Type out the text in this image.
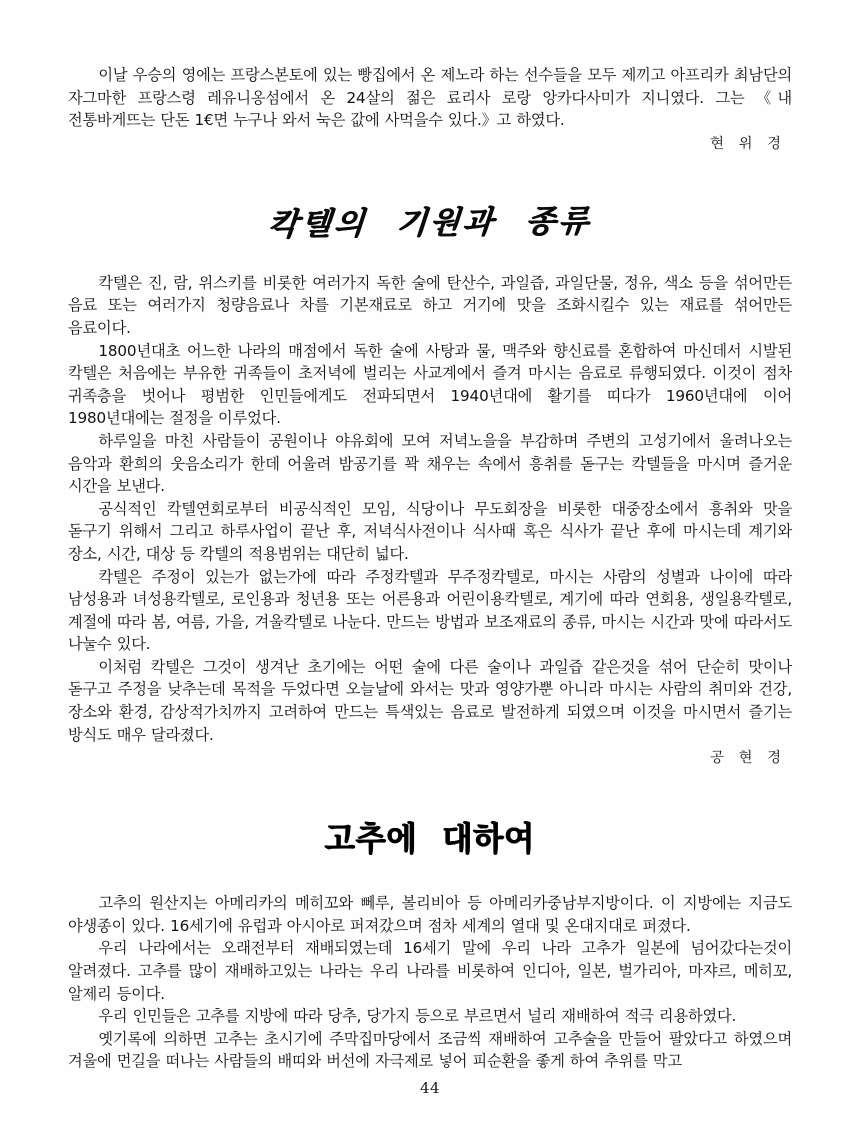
이날 우승의 영에는 프랑스본토에 있는 빵집에서 온 제노라 하는 선수들을 모두 제끼고 아프리카 최남단의 자그마한 프랑스령 레유니옹섬에서 온 24살의 젊은 료리사 로랑 앙카다사미가 지니였다. 그는 《내 전통바게뜨는 단돈 1€면 누구나 와서 눅은 값에 사먹을수 있다.》고 하였다.

현 위 경
칵텔의 기원과 종류

칵텔은 진, 람, 위스키를 비롯한 여러가지 독한 술에 탄산수, 과일즙, 과일단물, 정유, 색소 등을 섞어만든 음료 또는 여러가지 청량음료나 차를 기본재료로 하고 거기에 맛을 조화시킬수 있는 재료를 섞어만든 음료이다.

1800년대초 어느한 나라의 매점에서 독한 술에 사탕과 물, 맥주와 향신료를 혼합하여 마신데서 시발된 칵텔은 처음에는 부유한 귀족들이 초저녁에 벌리는 사교계에서 즐겨 마시는 음료로 류행되였다. 이것이 점차 귀족층을 벗어나 평범한 인민들에게도 전파되면서 1940년대에 활기를 띠다가 1960년대에 이어 1980년대에는 절정을 이루었다.

하루일을 마친 사람들이 공원이나 야유회에 모여 저녁노을을 부감하며 주변의 고성기에서 울려나오는 음악과 환희의 웃음소리가 한데 어울려 밤공기를 꽉 채우는 속에서 흥취를 돋구는 칵텔들을 마시며 즐거운 시간을 보낸다.

공식적인 칵텔연회로부터 비공식적인 모임, 식당이나 무도회장을 비롯한 대중장소에서 흥취와 맛을 돋구기 위해서 그리고 하루사업이 끝난 후, 저녁식사전이나 식사때 혹은 식사가 끝난 후에 마시는데 계기와 장소, 시간, 대상 등 칵텔의 적용범위는 대단히 넓다.

칵텔은 주정이 있는가 없는가에 따라 주정칵텔과 무주정칵텔로, 마시는 사람의 성별과 나이에 따라 남성용과 녀성용칵텔로, 로인용과 청년용 또는 어른용과 어린이용칵텔로, 계기에 따라 연회용, 생일용칵텔로, 계절에 따라 봄, 여름, 가을, 겨울칵텔로 나눈다. 만드는 방법과 보조재료의 종류, 마시는 시간과 맛에 따라서도 나눌수 있다.

이처럼 칵텔은 그것이 생겨난 초기에는 어떤 술에 다른 술이나 과일즙 같은것을 섞어 단순히 맛이나 돋구고 주정을 낮추는데 목적을 두었다면 오늘날에 와서는 맛과 영양가뿐 아니라 마시는 사람의 취미와 건강, 장소와 환경, 감상적가치까지 고려하여 만드는 특색있는 음료로 발전하게 되였으며 이것을 마시면서 즐기는 방식도 매우 달라졌다.

공 현 경
고추에 대하여

고추의 원산지는 아메리카의 메히꼬와 뻬루, 볼리비아 등 아메리카중남부지방이다. 이 지방에는 지금도 야생종이 있다. 16세기에 유럽과 아시아로 퍼져갔으며 점차 세계의 열대 및 온대지대로 퍼졌다.

우리 나라에서는 오래전부터 재배되였는데 16세기 말에 우리 나라 고추가 일본에 넘어갔다는것이 알려졌다. 고추를 많이 재배하고있는 나라는 우리 나라를 비롯하여 인디아, 일본, 벌가리아, 마쟈르, 메히꼬, 알제리 등이다.

우리 인민들은 고추를 지방에 따라 당추, 당가지 등으로 부르면서 널리 재배하여 적극 리용하였다.

옛기록에 의하면 고추는 초시기에 주막집마당에서 조금씩 재배하여 고추술을 만들어 팔았다고 하였으며 겨울에 먼길을 떠나는 사람들의 배띠와 버선에 자극제로 넣어 피순환을 좋게 하여 추위를 막고

44
